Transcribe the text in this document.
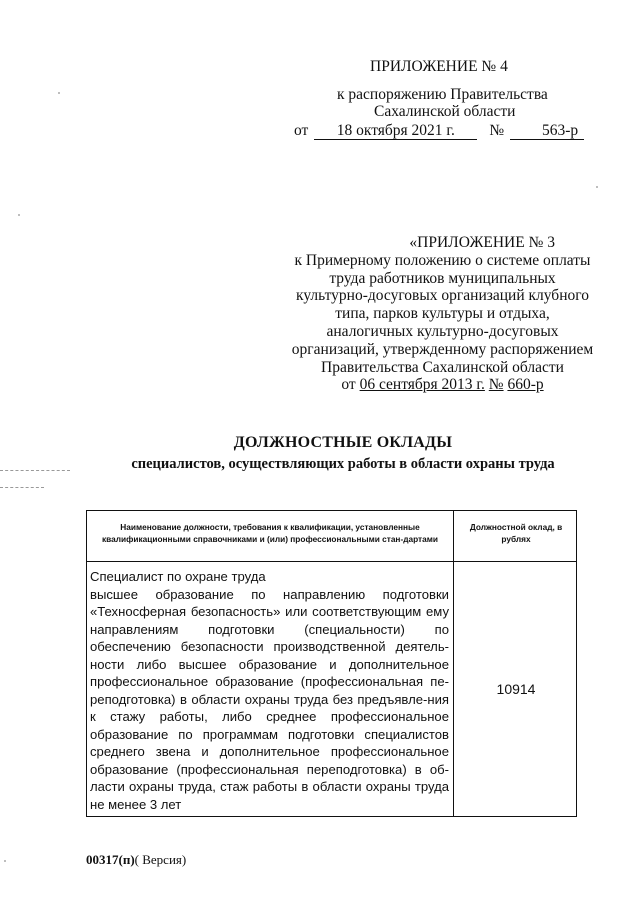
ПРИЛОЖЕНИЕ № 4
к распоряжению Правительства
Сахалинской области
от 18 октября 2021 г. № 563-р
«ПРИЛОЖЕНИЕ № 3
к Примерному положению о системе оплаты
труда работников муниципальных
культурно-досуговых организаций клубного
типа, парков культуры и отдыха,
аналогичных культурно-досуговых
организаций, утвержденному распоряжением
Правительства Сахалинской области
от 06 сентября 2013 г. № 660-р
ДОЛЖНОСТНЫЕ ОКЛАДЫ
специалистов, осуществляющих работы в области охраны труда
Наименование должности, требования к квалификации, установленные квалификационными справочниками и (или) профессиональными стан-дартами
Должностной оклад, в рублях
Специалист по охране труда
высшее образование по направлению подготовки «Техносферная безопасность» или соответствующим ему направлениям подготовки (специальности) по обеспечению безопасности производственной деятель-ности либо высшее образование и дополнительное профессиональное образование (профессиональная пе-реподготовка) в области охраны труда без предъявле-ния к стажу работы, либо среднее профессиональное образование по программам подготовки специалистов среднего звена и дополнительное профессиональное образование (профессиональная переподготовка) в об-ласти охраны труда, стаж работы в области охраны труда не менее 3 лет
10914
00317(п)( Версия)
